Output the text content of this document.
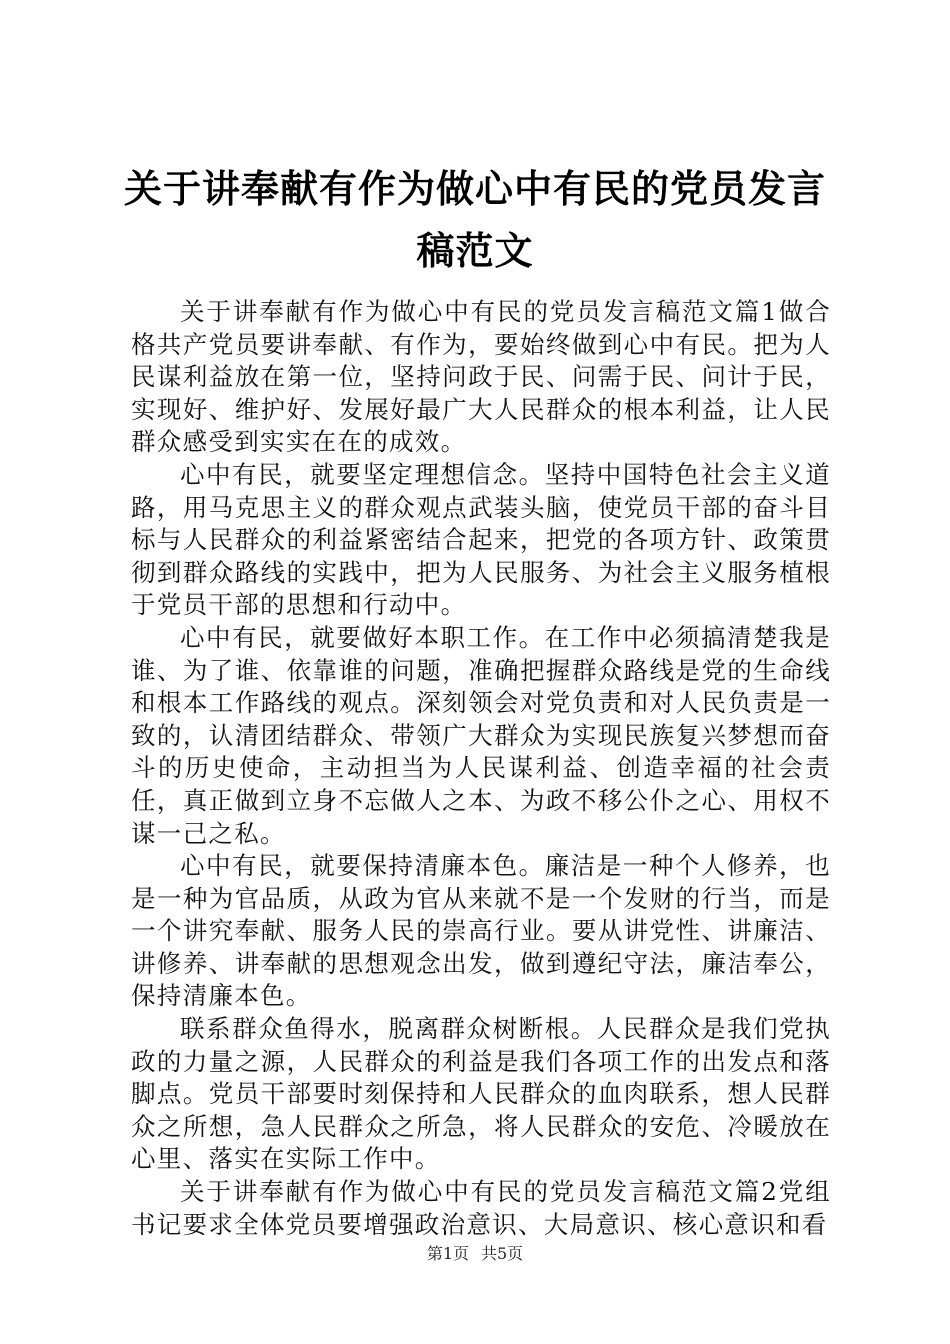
关于讲奉献有作为做心中有民的党员发言稿范文

关于讲奉献有作为做心中有民的党员发言稿范文篇1做合格共产党员要讲奉献、有作为，要始终做到心中有民。把为人民谋利益放在第一位，坚持问政于民、问需于民、问计于民，实现好、维护好、发展好最广大人民群众的根本利益，让人民群众感受到实实在在的成效。

心中有民，就要坚定理想信念。坚持中国特色社会主义道路，用马克思主义的群众观点武装头脑，使党员干部的奋斗目标与人民群众的利益紧密结合起来，把党的各项方针、政策贯彻到群众路线的实践中，把为人民服务、为社会主义服务植根于党员干部的思想和行动中。

心中有民，就要做好本职工作。在工作中必须搞清楚我是谁、为了谁、依靠谁的问题，准确把握群众路线是党的生命线和根本工作路线的观点。深刻领会对党负责和对人民负责是一致的，认清团结群众、带领广大群众为实现民族复兴梦想而奋斗的历史使命，主动担当为人民谋利益、创造幸福的社会责任，真正做到立身不忘做人之本、为政不移公仆之心、用权不谋一己之私。

心中有民，就要保持清廉本色。廉洁是一种个人修养，也是一种为官品质，从政为官从来就不是一个发财的行当，而是一个讲究奉献、服务人民的崇高行业。要从讲党性、讲廉洁、讲修养、讲奉献的思想观念出发，做到遵纪守法，廉洁奉公，保持清廉本色。

联系群众鱼得水，脱离群众树断根。人民群众是我们党执政的力量之源，人民群众的利益是我们各项工作的出发点和落脚点。党员干部要时刻保持和人民群众的血肉联系，想人民群众之所想，急人民群众之所急，将人民群众的安危、冷暖放在心里、落实在实际工作中。

关于讲奉献有作为做心中有民的党员发言稿范文篇2党组书记要求全体党员要增强政治意识、大局意识、核心意识和看

第1页 共5页
